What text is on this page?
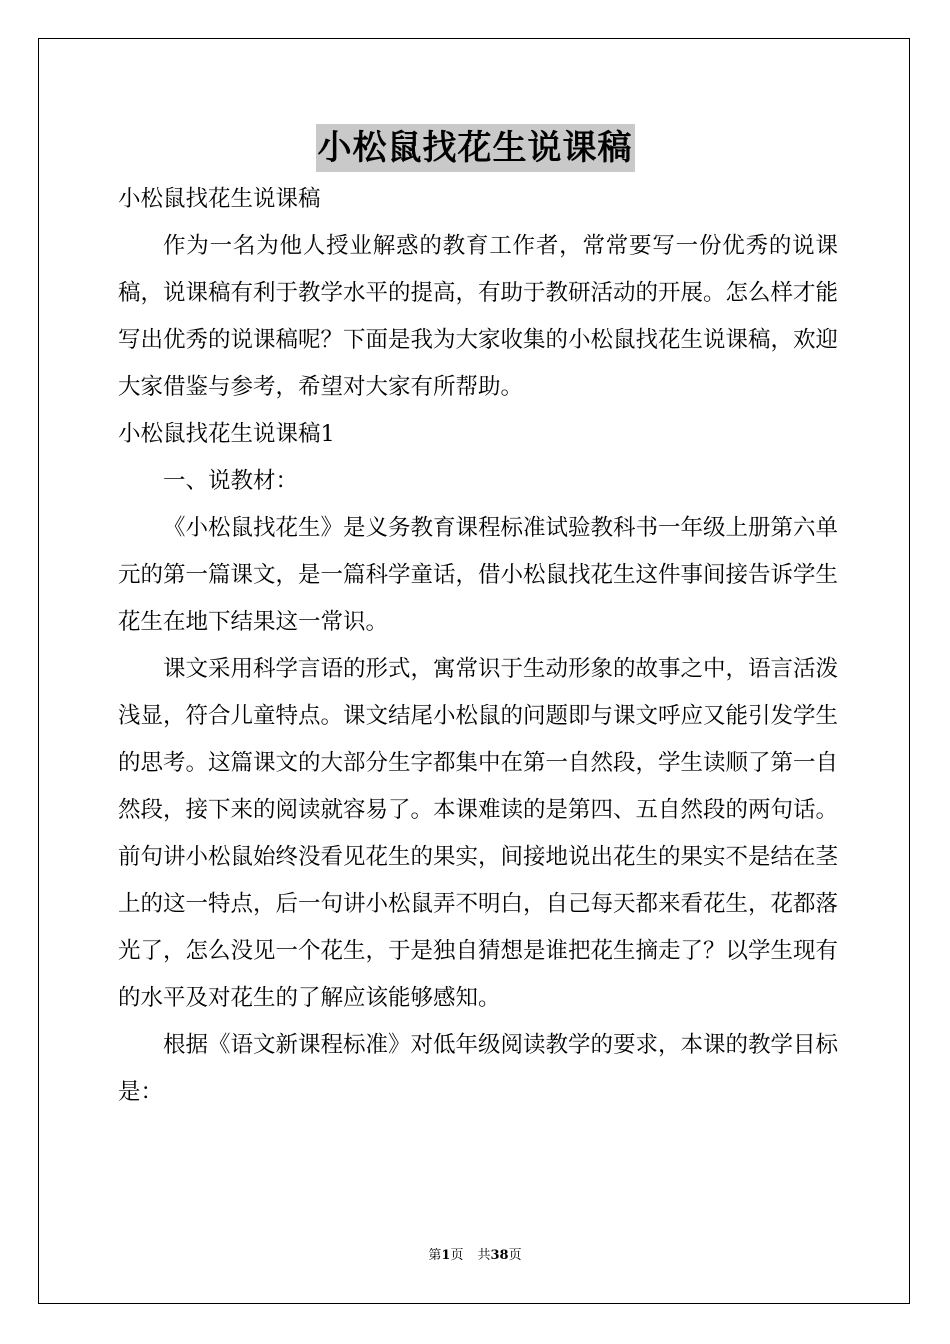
小松鼠找花生说课稿

小松鼠找花生说课稿

作为一名为他人授业解惑的教育工作者，常常要写一份优秀的说课稿，说课稿有利于教学水平的提高，有助于教研活动的开展。怎么样才能写出优秀的说课稿呢？下面是我为大家收集的小松鼠找花生说课稿，欢迎大家借鉴与参考，希望对大家有所帮助。

小松鼠找花生说课稿1

一、说教材：

《小松鼠找花生》是义务教育课程标准试验教科书一年级上册第六单元的第一篇课文，是一篇科学童话，借小松鼠找花生这件事间接告诉学生花生在地下结果这一常识。

课文采用科学言语的形式，寓常识于生动形象的故事之中，语言活泼浅显，符合儿童特点。课文结尾小松鼠的问题即与课文呼应又能引发学生的思考。这篇课文的大部分生字都集中在第一自然段，学生读顺了第一自然段，接下来的阅读就容易了。本课难读的是第四、五自然段的两句话。前句讲小松鼠始终没看见花生的果实，间接地说出花生的果实不是结在茎上的这一特点，后一句讲小松鼠弄不明白，自己每天都来看花生，花都落光了，怎么没见一个花生，于是独自猜想是谁把花生摘走了？以学生现有的水平及对花生的了解应该能够感知。

根据《语文新课程标准》对低年级阅读教学的要求，本课的教学目标是：

第1页 共38页
